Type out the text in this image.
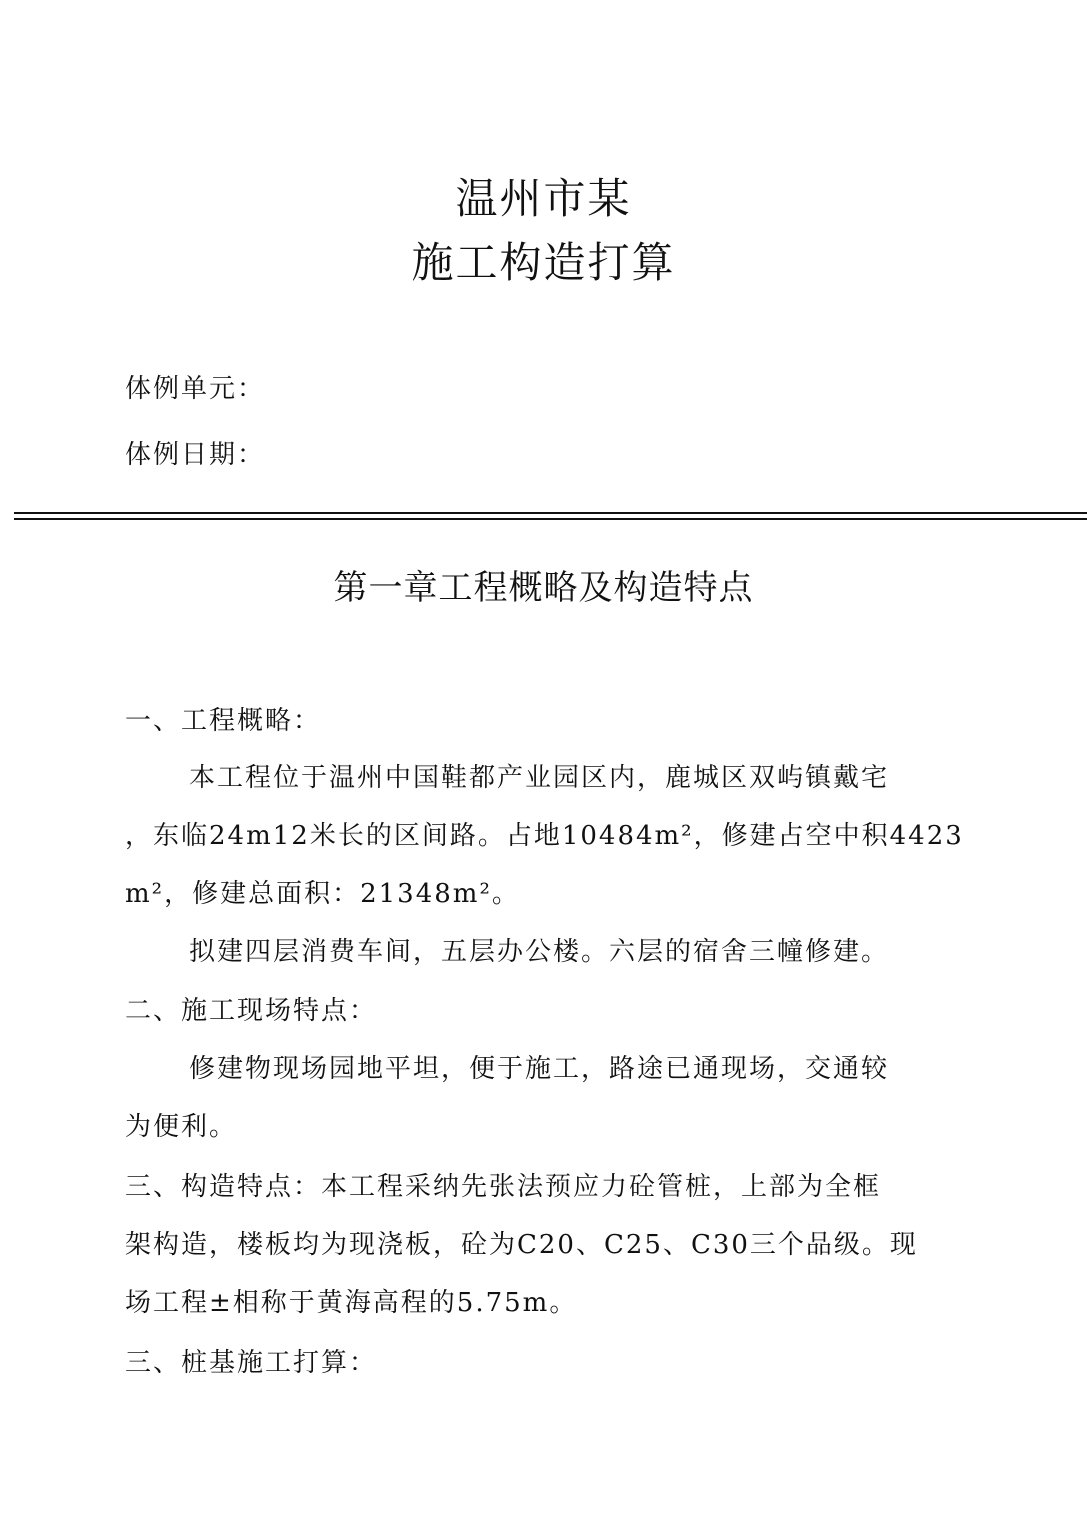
温州市某
施工构造打算
体例单元：
体例日期：
第一章工程概略及构造特点
一、工程概略：
本工程位于温州中国鞋都产业园区内，鹿城区双屿镇戴宅
，东临24m12米长的区间路。占地10484m²，修建占空中积4423
m²，修建总面积：21348m²。
拟建四层消费车间，五层办公楼。六层的宿舍三幢修建。
二、施工现场特点：
修建物现场园地平坦，便于施工，路途已通现场，交通较
为便利。
三、构造特点：本工程采纳先张法预应力砼管桩，上部为全框
架构造，楼板均为现浇板，砼为C20、C25、C30三个品级。现
场工程±相称于黄海高程的5.75m。
三、桩基施工打算：
